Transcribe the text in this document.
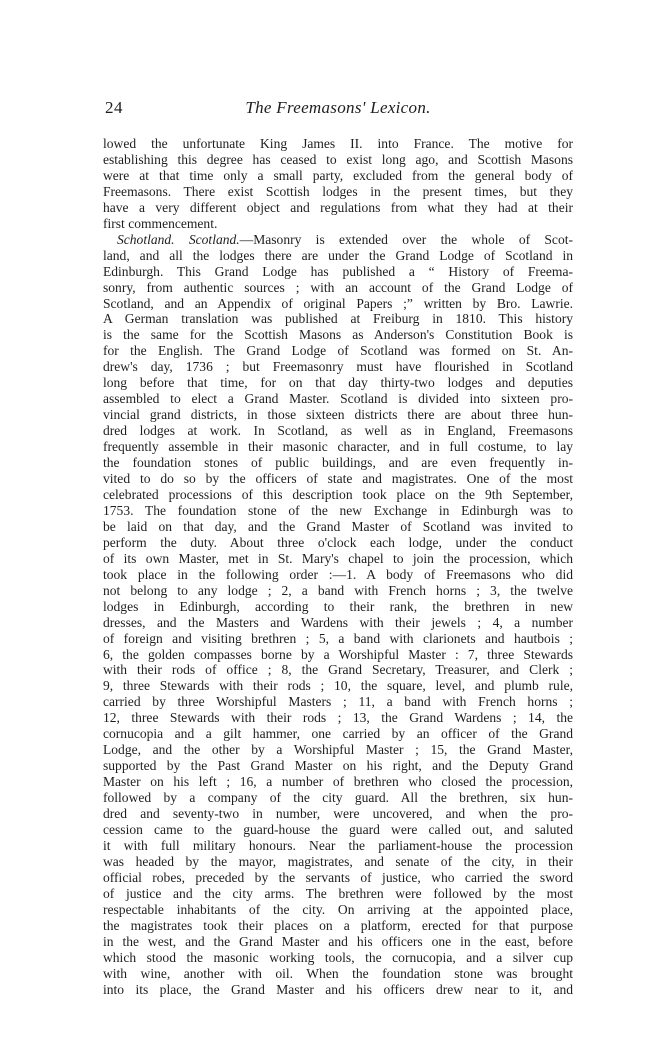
24	The Freemasons' Lexicon.
lowed the unfortunate King James II. into France. The motive for
establishing this degree has ceased to exist long ago, and Scottish Masons
were at that time only a small party, excluded from the general body of
Freemasons. There exist Scottish lodges in the present times, but they
have a very different object and regulations from what they had at their
first commencement.
Schotland. Scotland.—Masonry is extended over the whole of Scot-
land, and all the lodges there are under the Grand Lodge of Scotland in
Edinburgh. This Grand Lodge has published a “ History of Freema-
sonry, from authentic sources ; with an account of the Grand Lodge of
Scotland, and an Appendix of original Papers ;” written by Bro. Lawrie.
A German translation was published at Freiburg in 1810. This history
is the same for the Scottish Masons as Anderson's Constitution Book is
for the English. The Grand Lodge of Scotland was formed on St. An-
drew's day, 1736 ; but Freemasonry must have flourished in Scotland
long before that time, for on that day thirty-two lodges and deputies
assembled to elect a Grand Master. Scotland is divided into sixteen pro-
vincial grand districts, in those sixteen districts there are about three hun-
dred lodges at work. In Scotland, as well as in England, Freemasons
frequently assemble in their masonic character, and in full costume, to lay
the foundation stones of public buildings, and are even frequently in-
vited to do so by the officers of state and magistrates. One of the most
celebrated processions of this description took place on the 9th September,
1753. The foundation stone of the new Exchange in Edinburgh was to
be laid on that day, and the Grand Master of Scotland was invited to
perform the duty. About three o'clock each lodge, under the conduct
of its own Master, met in St. Mary's chapel to join the procession, which
took place in the following order :—1. A body of Freemasons who did
not belong to any lodge ; 2, a band with French horns ; 3, the twelve
lodges in Edinburgh, according to their rank, the brethren in new
dresses, and the Masters and Wardens with their jewels ; 4, a number
of foreign and visiting brethren ; 5, a band with clarionets and hautbois ;
6, the golden compasses borne by a Worshipful Master : 7, three Stewards
with their rods of office ; 8, the Grand Secretary, Treasurer, and Clerk ;
9, three Stewards with their rods ; 10, the square, level, and plumb rule,
carried by three Worshipful Masters ; 11, a band with French horns ;
12, three Stewards with their rods ; 13, the Grand Wardens ; 14, the
cornucopia and a gilt hammer, one carried by an officer of the Grand
Lodge, and the other by a Worshipful Master ; 15, the Grand Master,
supported by the Past Grand Master on his right, and the Deputy Grand
Master on his left ; 16, a number of brethren who closed the procession,
followed by a company of the city guard. All the brethren, six hun-
dred and seventy-two in number, were uncovered, and when the pro-
cession came to the guard-house the guard were called out, and saluted
it with full military honours. Near the parliament-house the procession
was headed by the mayor, magistrates, and senate of the city, in their
official robes, preceded by the servants of justice, who carried the sword
of justice and the city arms. The brethren were followed by the most
respectable inhabitants of the city. On arriving at the appointed place,
the magistrates took their places on a platform, erected for that purpose
in the west, and the Grand Master and his officers one in the east, before
which stood the masonic working tools, the cornucopia, and a silver cup
with wine, another with oil. When the foundation stone was brought
into its place, the Grand Master and his officers drew near to it, and
